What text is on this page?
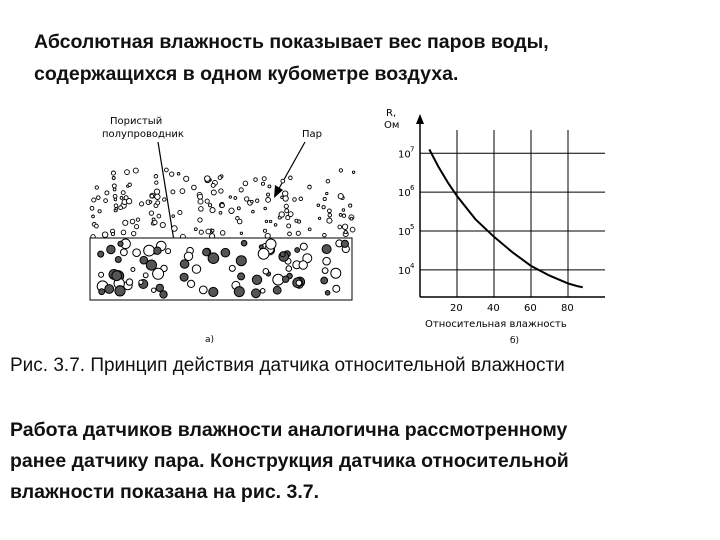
Абсолютная влажность показывает вес паров воды,
содержащихся в одном кубометре воздуха.
Пористый
полупроводник	Пар
а)
R,
Ом
10 7
10 6
10 5
10 4
20 40 60 80
Относительная влажность
б)
Рис. 3.7. Принцип действия датчика относительной влажности
Работа датчиков влажности аналогична рассмотренному
ранее датчику пара. Конструкция датчика относительной
влажности показана на рис. 3.7.
